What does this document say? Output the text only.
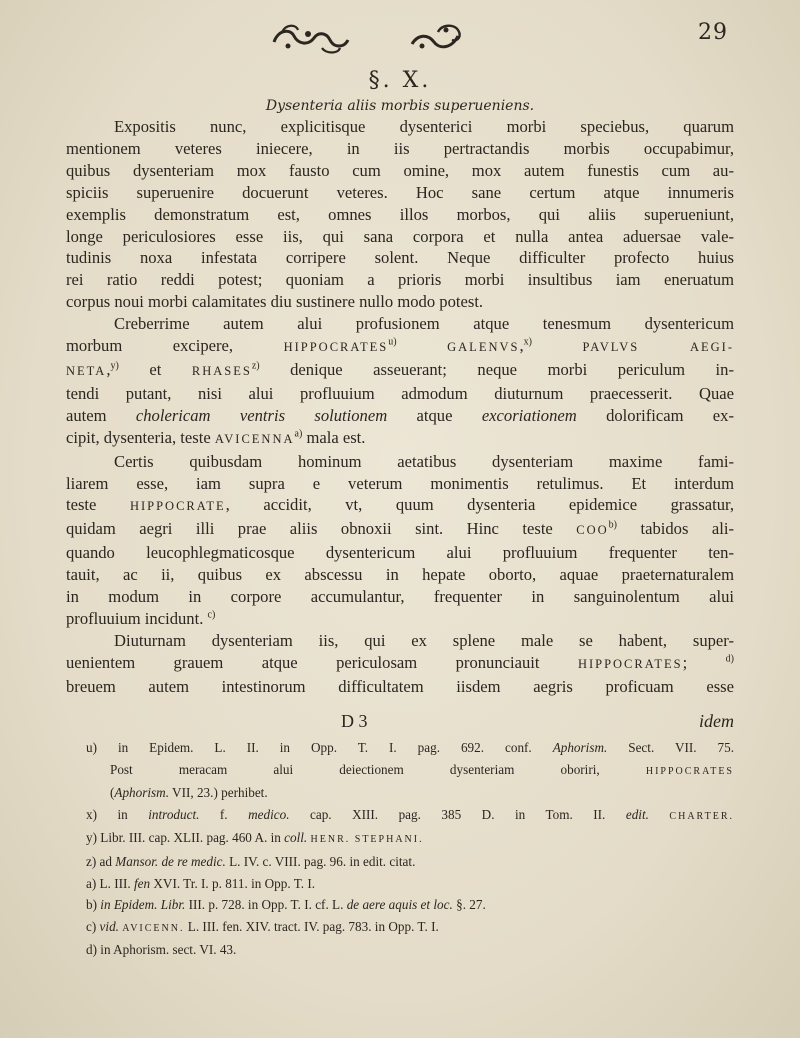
29
§. X.
Dysenteria aliis morbis superueniens.
Expositis nunc, explicitisque dysenterici morbi speciebus, quarum
mentionem veteres iniecere, in iis pertractandis morbis occupabimur,
quibus dysenteriam mox fausto cum omine, mox autem funestis cum au-
spiciis superuenire docuerunt veteres. Hoc sane certum atque innumeris
exemplis demonstratum est, omnes illos morbos, qui aliis superueniunt,
longe periculosiores esse iis, qui sana corpora et nulla antea aduersae vale-
tudinis noxa infestata corripere solent. Neque difficulter profecto huius
rei ratio reddi potest; quoniam a prioris morbi insultibus iam eneruatum
corpus noui morbi calamitates diu sustinere nullo modo potest.
Creberrime autem alui profusionem atque tenesmum dysentericum
morbum excipere, HIPPOCRATES$^{u)}$	GALENVS,$^{x)}$	PAVLVS AEGI-
NETA,$^{y)}$ et RHASES$^{z)}$ denique asseuerant; neque morbi periculum in-
tendi putant, nisi alui profluuium admodum diuturnum praecesserit. Quae
autem cholericam ventris solutionem atque excoriationem dolorificam ex-
cipit, dysenteria, teste AVICENNA$^{a)}$ mala est.
Certis quibusdam hominum aetatibus dysenteriam maxime fami-
liarem esse, iam supra e veterum monimentis retulimus. Et interdum
teste HIPPOCRATE, accidit, vt, quum dysenteria epidemice grassatur,
quidam aegri illi prae aliis obnoxii sint. Hinc teste COO$^{b)}$ tabidos ali-
quando leucophlegmaticosque dysentericum alui profluuium frequenter ten-
tauit, ac ii, quibus ex abscessu in hepate oborto, aquae praeternaturalem
in modum in corpore accumulantur, frequenter in sanguinolentum alui
profluuium incidunt. $^{c)}$
Diuturnam dysenteriam iis, qui ex splene male se habent, super-
uenientem grauem atque periculosam pronunciauit HIPPOCRATES; $^{d)}$
breuem autem intestinorum difficultatem iisdem aegris proficuam esse
D 3	idem
u) in Epidem. L. II. in Opp. T. I. pag. 692. conf. Aphorism. Sect. VII. 75.
Post meracam alui deiectionem dysenteriam oboriri, HIPPOCRATES
(Aphorism. VII, 23.) perhibet.
x) in introduct. f. medico. cap. XIII. pag. 385 D. in Tom. II. edit. CHARTER.
y) Libr. III. cap. XLII. pag. 460 A. in coll. HENR. STEPHANI.
z) ad Mansor. de re medic. L. IV. c. VIII. pag. 96. in edit. citat.
a) L. III. fen XVI. Tr. I. p. 811. in Opp. T. I.
b) in Epidem. Libr. III. p. 728. in Opp. T. I. cf. L. de aere aquis et loc. §. 27.
c) vid. AVICENN. L. III. fen. XIV. tract. IV. pag. 783. in Opp. T. I.
d) in Aphorism. sect. VI. 43.
